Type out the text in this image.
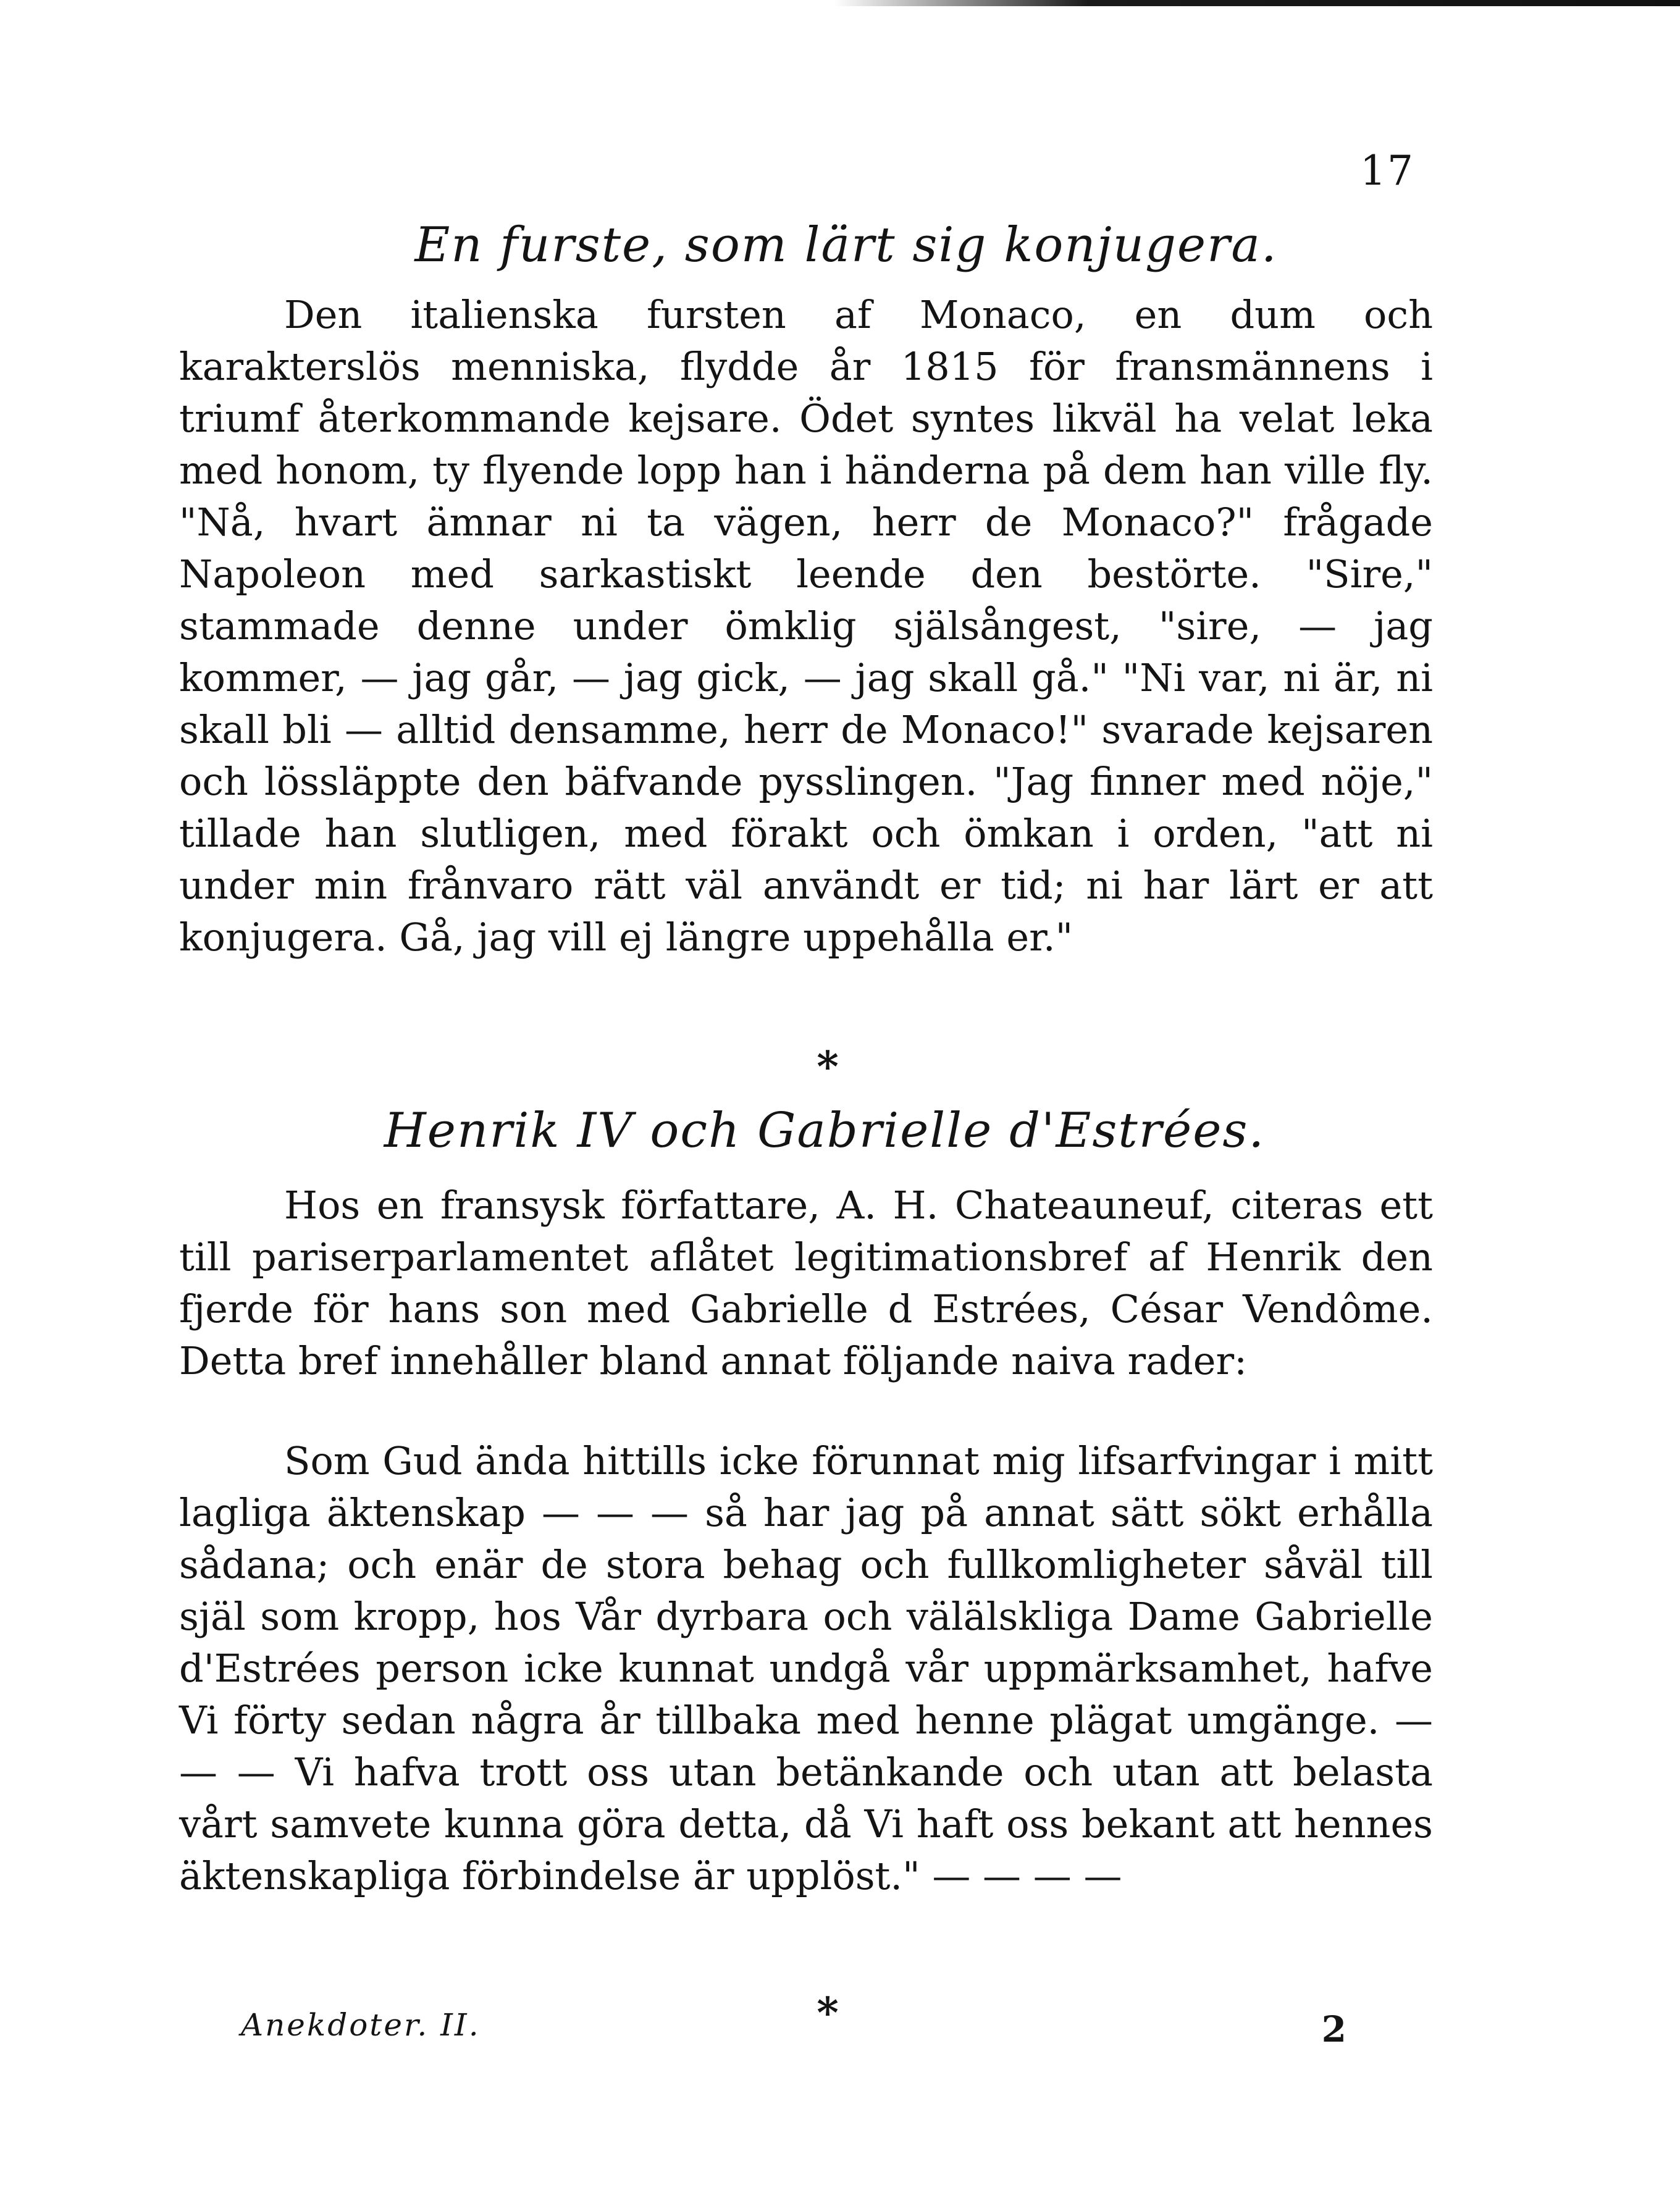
17
En furste, som lärt sig konjugera.

Den italienska fursten af Monaco, en dum och karakterslös menniska, flydde år 1815 för fransmännens i triumf återkommande kejsare. Ödet syntes likväl ha velat leka med honom, ty flyende lopp han i händerna på dem han ville fly. "Nå, hvart ämnar ni ta vägen, herr de Monaco?" frågade Napoleon med sarkastiskt leende den bestörte. "Sire," stammade denne under ömklig själsångest, "sire, — jag kommer, — jag går, — jag gick, — jag skall gå." "Ni var, ni är, ni skall bli — alltid densamme, herr de Monaco!" svarade kejsaren och lössläppte den bäfvande pysslingen. "Jag finner med nöje," tillade han slutligen, med förakt och ömkan i orden, "att ni under min frånvaro rätt väl användt er tid; ni har lärt er att konjugera. Gå, jag vill ej längre uppehålla er."

*
Henrik IV och Gabrielle d'Estrées.

Hos en fransysk författare, A. H. Chateauneuf, citeras ett till pariserparlamentet aflåtet legitimationsbref af Henrik den fjerde för hans son med Gabrielle d Estrées, César Vendôme. Detta bref innehåller bland annat följande naiva rader:

Som Gud ända hittills icke förunnat mig lifsarfvingar i mitt lagliga äktenskap — — — så har jag på annat sätt sökt erhålla sådana; och enär de stora behag och fullkomligheter såväl till själ som kropp, hos Vår dyrbara och välälskliga Dame Gabrielle d'Estrées person icke kunnat undgå vår uppmärksamhet, hafve Vi förty sedan några år tillbaka med henne plägat umgänge. — — — Vi hafva trott oss utan betänkande och utan att belasta vårt samvete kunna göra detta, då Vi haft oss bekant att hennes äktenskapliga förbindelse är upplöst." — — — —

*
Anekdoter. II.	2
